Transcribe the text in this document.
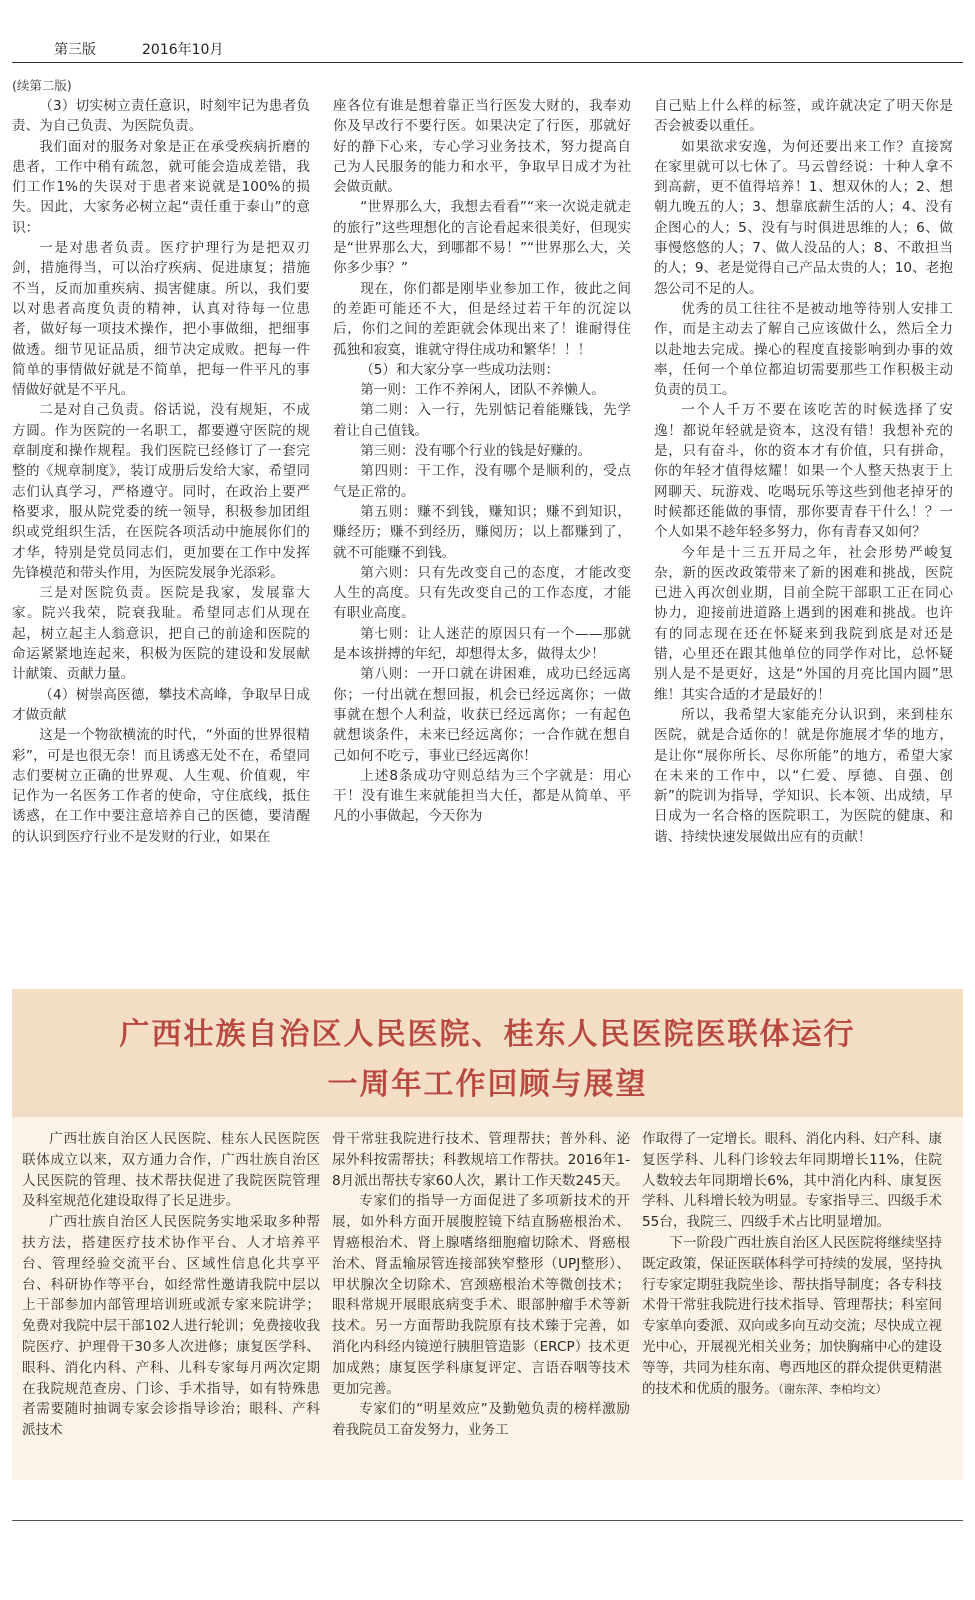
第三版	2016年10月
(续第二版)

（3）切实树立责任意识，时刻牢记为患者负责、为自己负责、为医院负责。

我们面对的服务对象是正在承受疾病折磨的患者，工作中稍有疏忽，就可能会造成差错，我们工作1%的失误对于患者来说就是100%的损失。因此，大家务必树立起“责任重于泰山”的意识：

一是对患者负责。医疗护理行为是把双刃剑，措施得当，可以治疗疾病、促进康复；措施不当，反而加重疾病、损害健康。所以，我们要以对患者高度负责的精神，认真对待每一位患者，做好每一项技术操作，把小事做细，把细事做透。细节见证品质，细节决定成败。把每一件简单的事情做好就是不简单，把每一件平凡的事情做好就是不平凡。

二是对自己负责。俗话说，没有规矩，不成方圆。作为医院的一名职工，都要遵守医院的规章制度和操作规程。我们医院已经修订了一套完整的《规章制度》，装订成册后发给大家，希望同志们认真学习，严格遵守。同时，在政治上要严格要求，服从院党委的统一领导，积极参加团组织或党组织生活，在医院各项活动中施展你们的才华，特别是党员同志们，更加要在工作中发挥先锋模范和带头作用，为医院发展争光添彩。

三是对医院负责。医院是我家，发展靠大家。院兴我荣，院衰我耻。希望同志们从现在起，树立起主人翁意识，把自己的前途和医院的命运紧紧地连起来，积极为医院的建设和发展献计献策、贡献力量。

（4）树崇高医德，攀技术高峰，争取早日成才做贡献

这是一个物欲横流的时代，“外面的世界很精彩”，可是也很无奈！而且诱惑无处不在，希望同志们要树立正确的世界观、人生观、价值观，牢记作为一名医务工作者的使命，守住底线，抵住诱惑，在工作中要注意培养自己的医德，要清醒的认识到医疗行业不是发财的行业，如果在

座各位有谁是想着靠正当行医发大财的，我奉劝你及早改行不要行医。如果决定了行医，那就好好的静下心来，专心学习业务技术，努力提高自己为人民服务的能力和水平，争取早日成才为社会做贡献。

“世界那么大，我想去看看”“来一次说走就走的旅行”这些理想化的言论看起来很美好，但现实是“世界那么大，到哪都不易！”“世界那么大，关你多少事？”

现在，你们都是刚毕业参加工作，彼此之间的差距可能还不大，但是经过若干年的沉淀以后，你们之间的差距就会体现出来了！谁耐得住孤独和寂寞，谁就守得住成功和繁华！！！

（5）和大家分享一些成功法则：

第一则：工作不养闲人，团队不养懒人。

第二则：入一行，先别惦记着能赚钱，先学着让自己值钱。

第三则：没有哪个行业的钱是好赚的。

第四则：干工作，没有哪个是顺利的，受点气是正常的。

第五则：赚不到钱，赚知识；赚不到知识，赚经历；赚不到经历，赚阅历；以上都赚到了，就不可能赚不到钱。

第六则：只有先改变自己的态度，才能改变人生的高度。只有先改变自己的工作态度，才能有职业高度。

第七则：让人迷茫的原因只有一个——那就是本该拼搏的年纪，却想得太多，做得太少！

第八则：一开口就在讲困难，成功已经远离你；一付出就在想回报，机会已经远离你；一做事就在想个人利益，收获已经远离你；一有起色就想谈条件，未来已经远离你；一合作就在想自己如何不吃亏，事业已经远离你！

上述8条成功守则总结为三个字就是：用心干！没有谁生来就能担当大任，都是从简单、平凡的小事做起，今天你为

自己贴上什么样的标签，或许就决定了明天你是否会被委以重任。

如果欲求安逸，为何还要出来工作？直接窝在家里就可以七休了。马云曾经说：十种人拿不到高薪，更不值得培养！1、想双休的人；2、想朝九晚五的人；3、想靠底薪生活的人；4、没有企图心的人；5、没有与时俱进思维的人；6、做事慢悠悠的人；7、做人没品的人；8、不敢担当的人；9、老是觉得自己产品太贵的人；10、老抱怨公司不足的人。

优秀的员工往往不是被动地等待别人安排工作，而是主动去了解自己应该做什么，然后全力以赴地去完成。操心的程度直接影响到办事的效率，任何一个单位都迫切需要那些工作积极主动负责的员工。

一个人千万不要在该吃苦的时候选择了安逸！都说年轻就是资本，这没有错！我想补充的是，只有奋斗，你的资本才有价值，只有拼命，你的年轻才值得炫耀！如果一个人整天热衷于上网聊天、玩游戏、吃喝玩乐等这些到他老掉牙的时候都还能做的事情，那你要青春干什么！？一个人如果不趁年轻多努力，你有青春又如何？

今年是十三五开局之年，社会形势严峻复杂，新的医改政策带来了新的困难和挑战，医院已进入再次创业期，目前全院干部职工正在同心协力，迎接前进道路上遇到的困难和挑战。也许有的同志现在还在怀疑来到我院到底是对还是错，心里还在跟其他单位的同学作对比，总怀疑别人是不是更好，这是“外国的月亮比国内圆”思维！其实合适的才是最好的！

所以，我希望大家能充分认识到，来到桂东医院，就是合适你的！就是你施展才华的地方，是让你“展你所长、尽你所能”的地方，希望大家在未来的工作中，以“仁爱、厚德、自强、创新”的院训为指导，学知识、长本领、出成绩，早日成为一名合格的医院职工，为医院的健康、和谐、持续快速发展做出应有的贡献！

广西壮族自治区人民医院、桂东人民医院医联体运行
一周年工作回顾与展望

广西壮族自治区人民医院、桂东人民医院医联体成立以来，双方通力合作，广西壮族自治区人民医院的管理、技术帮扶促进了我院医院管理及科室规范化建设取得了长足进步。

广西壮族自治区人民医院务实地采取多种帮扶方法，搭建医疗技术协作平台、人才培养平台、管理经验交流平台、区域性信息化共享平台、科研协作等平台，如经常性邀请我院中层以上干部参加内部管理培训班或派专家来院讲学；免费对我院中层干部102人进行轮训；免费接收我院医疗、护理骨干30多人次进修；康复医学科、眼科、消化内科、产科、儿科专家每月两次定期在我院规范查房、门诊、手术指导，如有特殊患者需要随时抽调专家会诊指导诊治；眼科、产科派技术

骨干常驻我院进行技术、管理帮扶；普外科、泌尿外科按需帮扶；科教规培工作帮扶。2016年1-8月派出帮扶专家60人次，累计工作天数245天。

专家们的指导一方面促进了多项新技术的开展，如外科方面开展腹腔镜下结直肠癌根治术、胃癌根治术、肾上腺嗜络细胞瘤切除术、肾癌根治术、肾盂输尿管连接部狭窄整形（UPJ整形）、甲状腺次全切除术、宫颈癌根治术等微创技术；眼科常规开展眼底病变手术、眼部肿瘤手术等新技术。另一方面帮助我院原有技术臻于完善，如消化内科经内镜逆行胰胆管造影（ERCP）技术更加成熟；康复医学科康复评定、言语吞咽等技术更加完善。

专家们的“明星效应”及勤勉负责的榜样激励着我院员工奋发努力，业务工

作取得了一定增长。眼科、消化内科、妇产科、康复医学科、儿科门诊较去年同期增长11%，住院人数较去年同期增长6%，其中消化内科、康复医学科、儿科增长较为明显。专家指导三、四级手术55台，我院三、四级手术占比明显增加。

下一阶段广西壮族自治区人民医院将继续坚持既定政策，保证医联体科学可持续的发展，坚持执行专家定期驻我院坐诊、帮扶指导制度；各专科技术骨干常驻我院进行技术指导、管理帮扶；科室间专家单向委派、双向或多向互动交流；尽快成立视光中心，开展视光相关业务；加快胸痛中心的建设等等，共同为桂东南、粤西地区的群众提供更精湛的技术和优质的服务。（谢东萍、李柏均文）
